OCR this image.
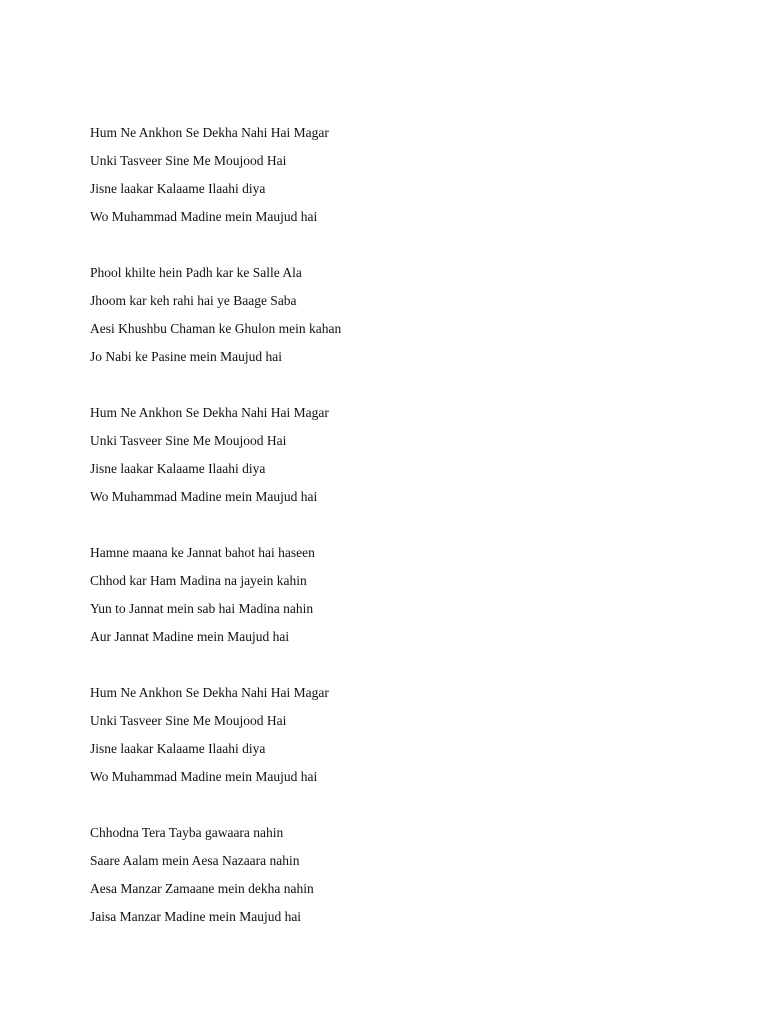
Hum Ne Ankhon Se Dekha Nahi Hai Magar
Unki Tasveer Sine Me Moujood Hai
Jisne laakar Kalaame Ilaahi diya
Wo Muhammad Madine mein Maujud hai
Phool khilte hein Padh kar ke Salle Ala
Jhoom kar keh rahi hai ye Baage Saba
Aesi Khushbu Chaman ke Ghulon mein kahan
Jo Nabi ke Pasine mein Maujud hai
Hum Ne Ankhon Se Dekha Nahi Hai Magar
Unki Tasveer Sine Me Moujood Hai
Jisne laakar Kalaame Ilaahi diya
Wo Muhammad Madine mein Maujud hai
Hamne maana ke Jannat bahot hai haseen
Chhod kar Ham Madina na jayein kahin
Yun to Jannat mein sab hai Madina nahin
Aur Jannat Madine mein Maujud hai
Hum Ne Ankhon Se Dekha Nahi Hai Magar
Unki Tasveer Sine Me Moujood Hai
Jisne laakar Kalaame Ilaahi diya
Wo Muhammad Madine mein Maujud hai
Chhodna Tera Tayba gawaara nahin
Saare Aalam mein Aesa Nazaara nahin
Aesa Manzar Zamaane mein dekha nahin
Jaisa Manzar Madine mein Maujud hai
